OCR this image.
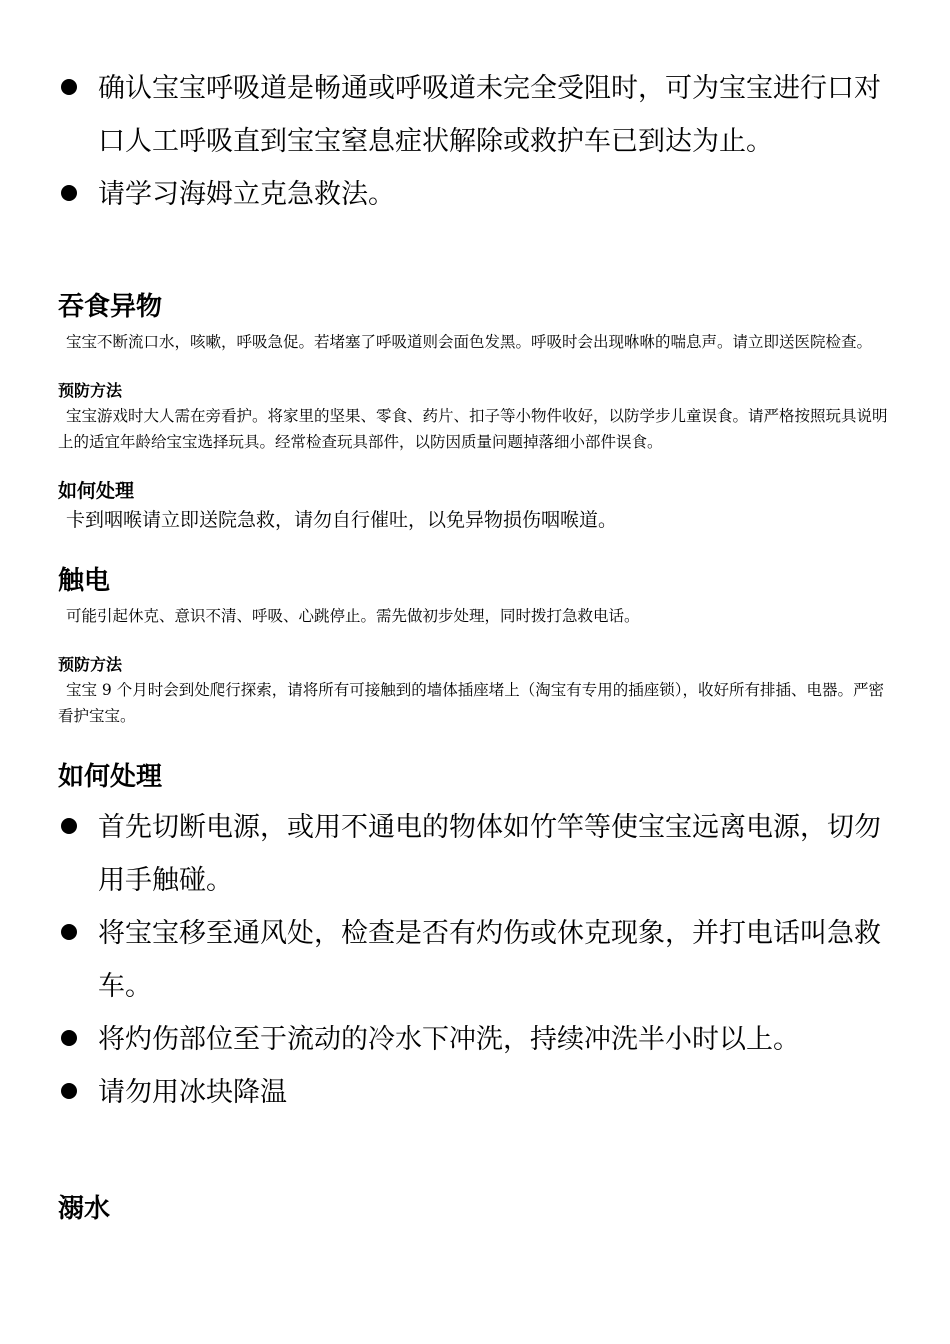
确认宝宝呼吸道是畅通或呼吸道未完全受阻时，可为宝宝进行口对口人工呼吸直到宝宝窒息症状解除或救护车已到达为止。
请学习海姆立克急救法。
吞食异物

宝宝不断流口水，咳嗽，呼吸急促。若堵塞了呼吸道则会面色发黑。呼吸时会出现咻咻的喘息声。请立即送医院检查。

预防方法

宝宝游戏时大人需在旁看护。将家里的坚果、零食、药片、扣子等小物件收好，以防学步儿童误食。请严格按照玩具说明上的适宜年龄给宝宝选择玩具。经常检查玩具部件，以防因质量问题掉落细小部件误食。

如何处理

卡到咽喉请立即送院急救，请勿自行催吐，以免异物损伤咽喉道。

触电

可能引起休克、意识不清、呼吸、心跳停止。需先做初步处理，同时拨打急救电话。

预防方法

宝宝 9 个月时会到处爬行探索，请将所有可接触到的墙体插座堵上（淘宝有专用的插座锁），收好所有排插、电器。严密看护宝宝。

如何处理
首先切断电源，或用不通电的物体如竹竿等使宝宝远离电源，切勿用手触碰。
将宝宝移至通风处，检查是否有灼伤或休克现象，并打电话叫急救车。
将灼伤部位至于流动的冷水下冲洗，持续冲洗半小时以上。
请勿用冰块降温
溺水
